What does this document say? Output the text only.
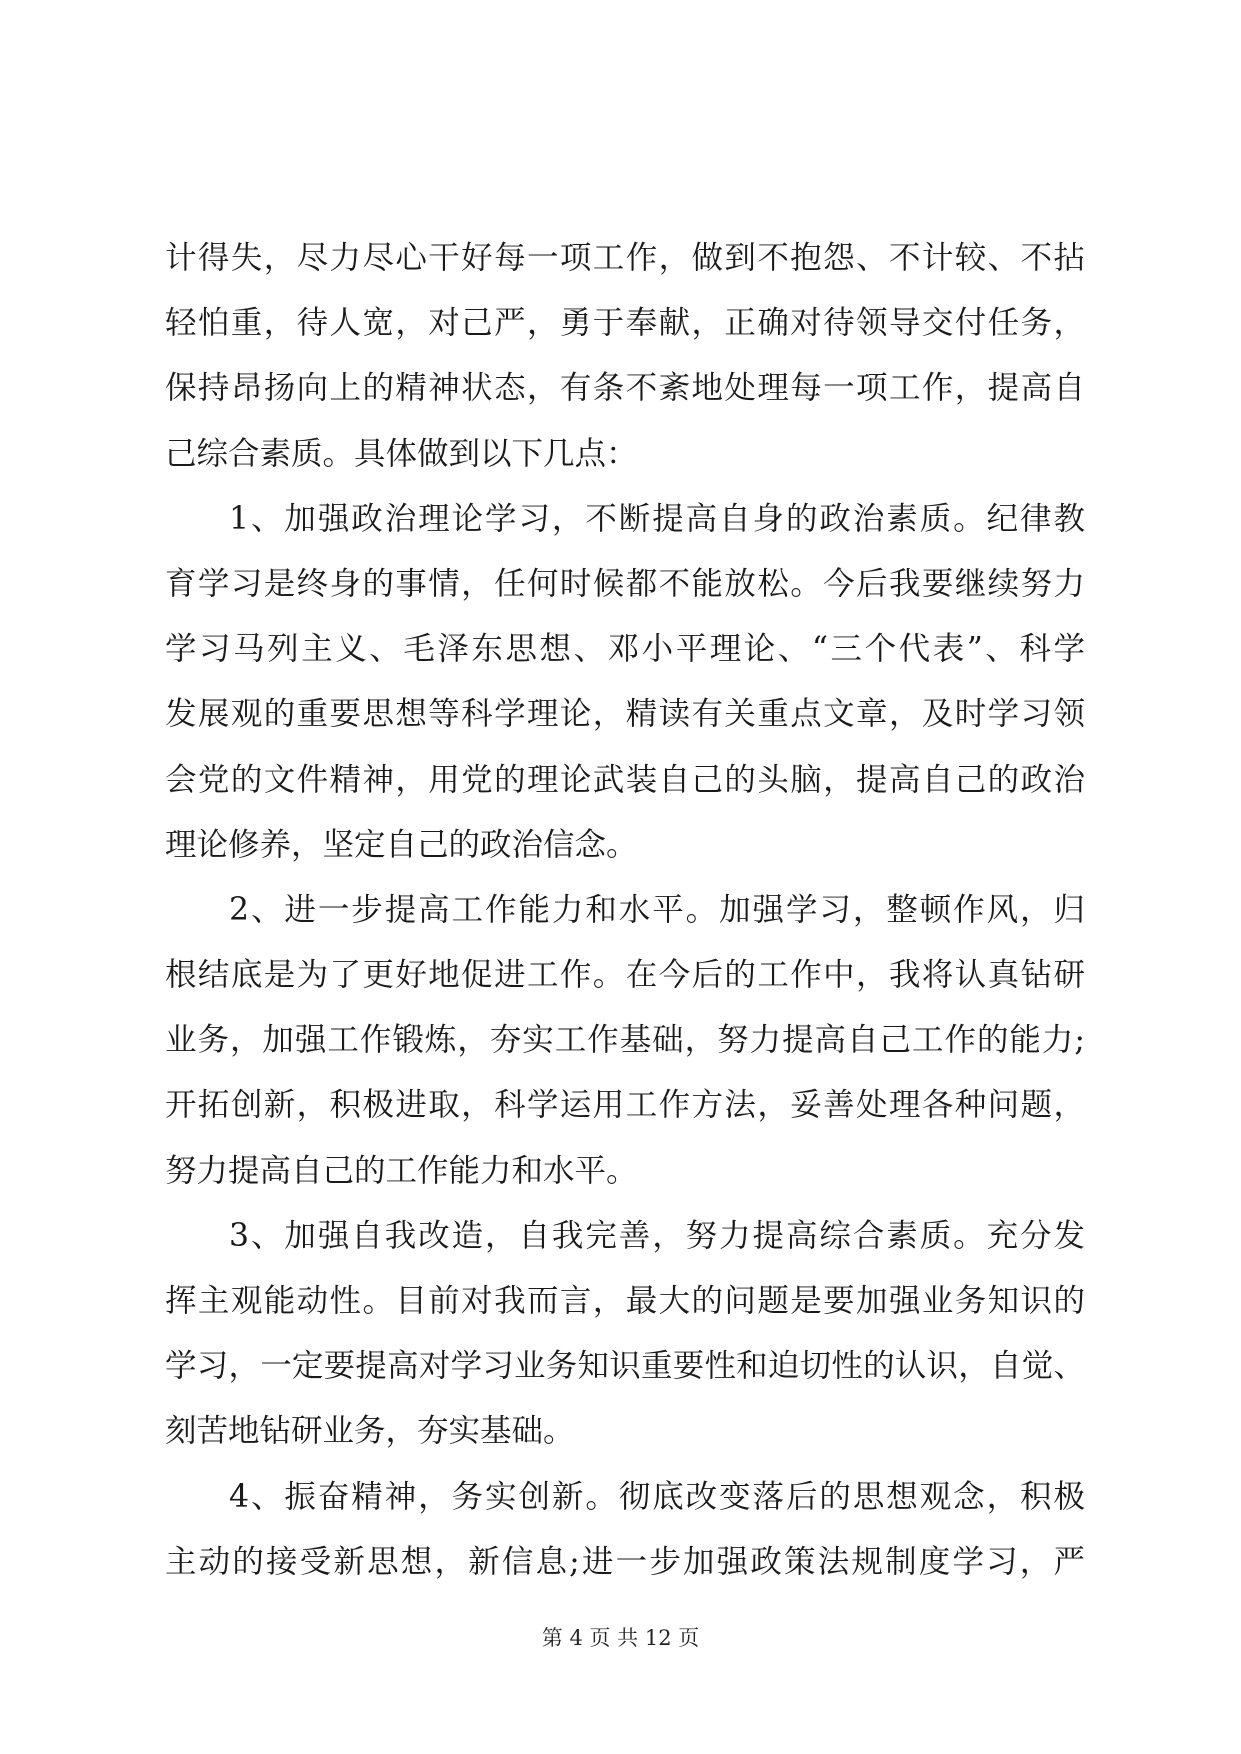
计得失，尽力尽心干好每一项工作，做到不抱怨、不计较、不拈
轻怕重，待人宽，对己严，勇于奉献，正确对待领导交付任务，
保持昂扬向上的精神状态，有条不紊地处理每一项工作，提高自
己综合素质。具体做到以下几点：
1、加强政治理论学习，不断提高自身的政治素质。纪律教
育学习是终身的事情，任何时候都不能放松。今后我要继续努力
学习马列主义、毛泽东思想、邓小平理论、“三个代表”、科学
发展观的重要思想等科学理论，精读有关重点文章，及时学习领
会党的文件精神，用党的理论武装自己的头脑，提高自己的政治
理论修养，坚定自己的政治信念。
2、进一步提高工作能力和水平。加强学习，整顿作风，归
根结底是为了更好地促进工作。在今后的工作中，我将认真钻研
业务，加强工作锻炼，夯实工作基础，努力提高自己工作的能力;
开拓创新，积极进取，科学运用工作方法，妥善处理各种问题，
努力提高自己的工作能力和水平。
3、加强自我改造，自我完善，努力提高综合素质。充分发
挥主观能动性。目前对我而言，最大的问题是要加强业务知识的
学习，一定要提高对学习业务知识重要性和迫切性的认识，自觉、
刻苦地钻研业务，夯实基础。
4、振奋精神，务实创新。彻底改变落后的思想观念，积极
主动的接受新思想，新信息;进一步加强政策法规制度学习，严
第 4 页 共 12 页
